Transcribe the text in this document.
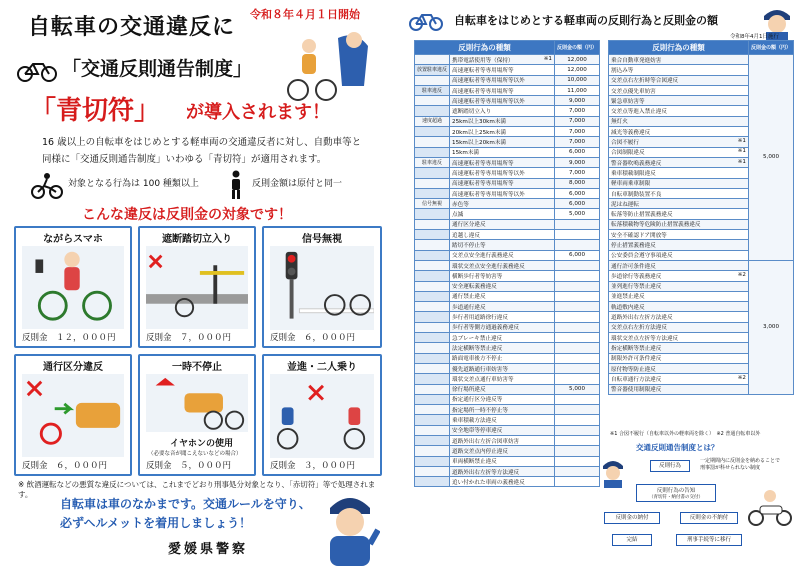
自転車の交通違反に
令和８年４月１日開始
「交通反則通告制度」
「青切符」 が導入されます！
16 歳以上の自転車をはじめとする軽車両の交通違反者に対し、自動車等と
同様に「交通反則通告制度」いわゆる「青切符」が適用されます。
対象となる行為は 100 種類以上	反則金額は原付と同一
こんな違反は反則金の対象です！
ながらスマホ
反則金　１２，０００円
遮断踏切立入り
反則金　７，０００円
信号無視
反則金　６，０００円
通行区分違反
反則金　６，０００円
一時不停止
イヤホンの使用
（必要な音が聞こえないなどの場合）
反則金　５，０００円
並進・二人乗り
反則金　３，０００円
※ 飲酒運転などの悪質な違反については、これまでどおり刑事処分対象となり、「赤切符」等で処理されます。
自転車は車のなかまです。交通ルールを守り、
必ずヘルメットを着用しましょう！
愛媛県警察
自転車をはじめとする軽車両の反則行為と反則金の額
令和8年4月1日施行
反則行為の種類		反則金の額（円）
	携帯電話使用等（保持） ※1	12,000
放置駐車違反	高速運転者等専用場所等	12,000
	高速運転者等専用場所等以外	10,000
駐車違反	高速運転者等専用場所等	11,000
	高速運転者等専用場所等以外	9,000
	遮断踏切立入り	7,000
速度超過	25km以上30km未満	7,000
	20km以上25km未満	7,000
	15km以上20km未満	7,000
	15km未満	6,000
駐車違反	高速運転者等専用場所等	9,000
	高速運転者等専用場所等以外	7,000
	高速運転者等専用場所等	8,000
	高速運転者等専用場所等以外	6,000
信号無視	赤色等	6,000
	点滅	5,000
	通行区分違反

	追越し違反

	踏切不停止等

	交差点安全進行義務違反	6,000
	環状交差点安全進行義務違反

	横断歩行者等妨害等

	安全運転義務違反

	通行禁止違反

	歩道通行違反

	歩行者用道路徐行違反

	歩行者等側方通過義務違反

	急ブレーキ禁止違反

	法定横断等禁止違反

	路面電車後方不停止

	優先道路通行車妨害等

	環状交差点通行車妨害等

	徐行場所違反	5,000
	指定通行区分違反等

	指定場所一時不停止等

	乗車積載方法違反

	安全地帯等停車違反

	道路外出右左折合図車妨害

	道路交差点内停止違反

	車両横断禁止違反

	道路外出右左折等方法違反

	追い付かれた車両の義務違反

反則行為の種類	反則金の額（円）
乗合自動車発進妨害	5,000
割込み等	

交差点右左折時等合図違反	

交差点優先車妨害	

緊急車妨害等	

交差点等進入禁止違反	

無灯火	

減光等義務違反	

合図不履行 ※1	

合図制限違反 ※1	

警音器吹鳴義務違反 ※1	

乗車積載制限違反	

軽車両乗車制限	

自転車制動装置不良	

泥はね運転	

転落等防止措置義務違反	

転落積載物等危険防止措置義務違反	

安全不確認ドア開放等	

停止措置義務違反	

公安委員会遵守事項違反	

通行許可条件違反	3,000
歩道徐行等義務違反 ※2	

並列進行等禁止違反	

並進禁止違反	

軌道敷内違反	

道路外出右左折方法違反	

交差点右左折方法違反	

環状交差点左折等方法違反	

指定横断等禁止違反	

制限外許可条件違反	

原付物等防止違反	

自転車通行方法違反 ※2	

警音器使用制限違反	
※1 合図不履行（自転車以外の軽車両を除く）　※2 普通自転車以外
交通反則通告制度とは？
反則行為
一定期間内に反則金を納めることで刑事罰が科せられない制度
反則行為の告知
（青切符・納付書の交付）
反則金の納付	反則金の不納付
完結	刑事手続等に移行
